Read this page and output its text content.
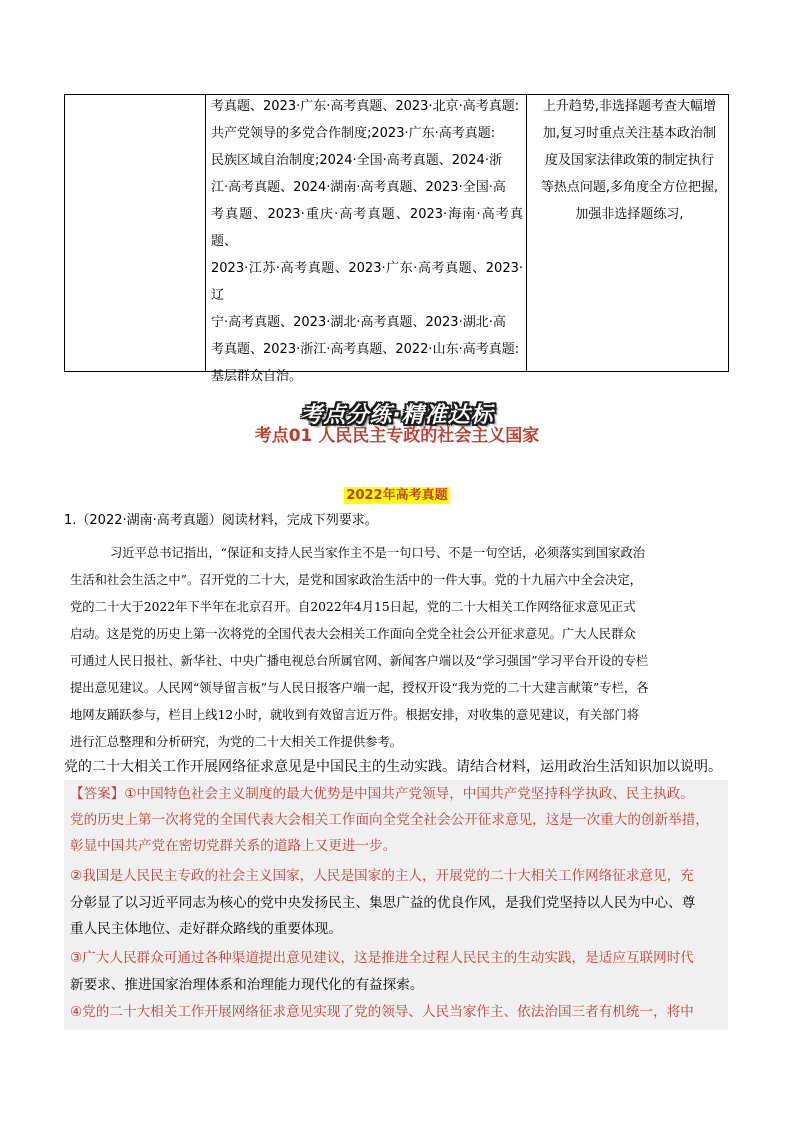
考真题、2023·广东·高考真题、2023·北京·高考真题:
共产党领导的多党合作制度;2023·广东·高考真题:
民族区域自治制度;2024·全国·高考真题、2024·浙
江·高考真题、2024·湖南·高考真题、2023·全国·高
考真题、2023·重庆·高考真题、2023·海南·高考真题、
2023·江苏·高考真题、2023·广东·高考真题、2023·辽
宁·高考真题、2023·湖北·高考真题、2023·湖北·高
考真题、2023·浙江·高考真题、2022·山东·高考真题:
基层群众自治。
上升趋势,非选择题考查大幅增
加,复习时重点关注基本政治制
度及国家法律政策的制定执行
等热点问题,多角度全方位把握,
加强非选择题练习,
考点分练·精准达标
考点01 人民民主专政的社会主义国家
2022年高考真题
1.（2022·湖南·高考真题）阅读材料，完成下列要求。
习近平总书记指出，“保证和支持人民当家作主不是一句口号、不是一句空话，必须落实到国家政治
生活和社会生活之中”。召开党的二十大，是党和国家政治生活中的一件大事。党的十九届六中全会决定，
党的二十大于2022年下半年在北京召开。自2022年4月15日起，党的二十大相关工作网络征求意见正式
启动。这是党的历史上第一次将党的全国代表大会相关工作面向全党全社会公开征求意见。广大人民群众
可通过人民日报社、新华社、中央广播电视总台所属官网、新闻客户端以及“学习强国”学习平台开设的专栏
提出意见建议。人民网“领导留言板”与人民日报客户端一起，授权开设“我为党的二十大建言献策”专栏，各
地网友踊跃参与，栏目上线12小时，就收到有效留言近万件。根据安排，对收集的意见建议，有关部门将
进行汇总整理和分析研究，为党的二十大相关工作提供参考。
党的二十大相关工作开展网络征求意见是中国民主的生动实践。请结合材料，运用政治生活知识加以说明。
【答案】①中国特色社会主义制度的最大优势是中国共产党领导，中国共产党坚持科学执政、民主执政。
党的历史上第一次将党的全国代表大会相关工作面向全党全社会公开征求意见，这是一次重大的创新举措，
彰显中国共产党在密切党群关系的道路上又更进一步。
②我国是人民民主专政的社会主义国家，人民是国家的主人，开展党的二十大相关工作网络征求意见，充
分彰显了以习近平同志为核心的党中央发扬民主、集思广益的优良作风，是我们党坚持以人民为中心、尊
重人民主体地位、走好群众路线的重要体现。
③广大人民群众可通过各种渠道提出意见建议，这是推进全过程人民民主的生动实践，是适应互联网时代
新要求、推进国家治理体系和治理能力现代化的有益探索。
④党的二十大相关工作开展网络征求意见实现了党的领导、人民当家作主、依法治国三者有机统一，将中
